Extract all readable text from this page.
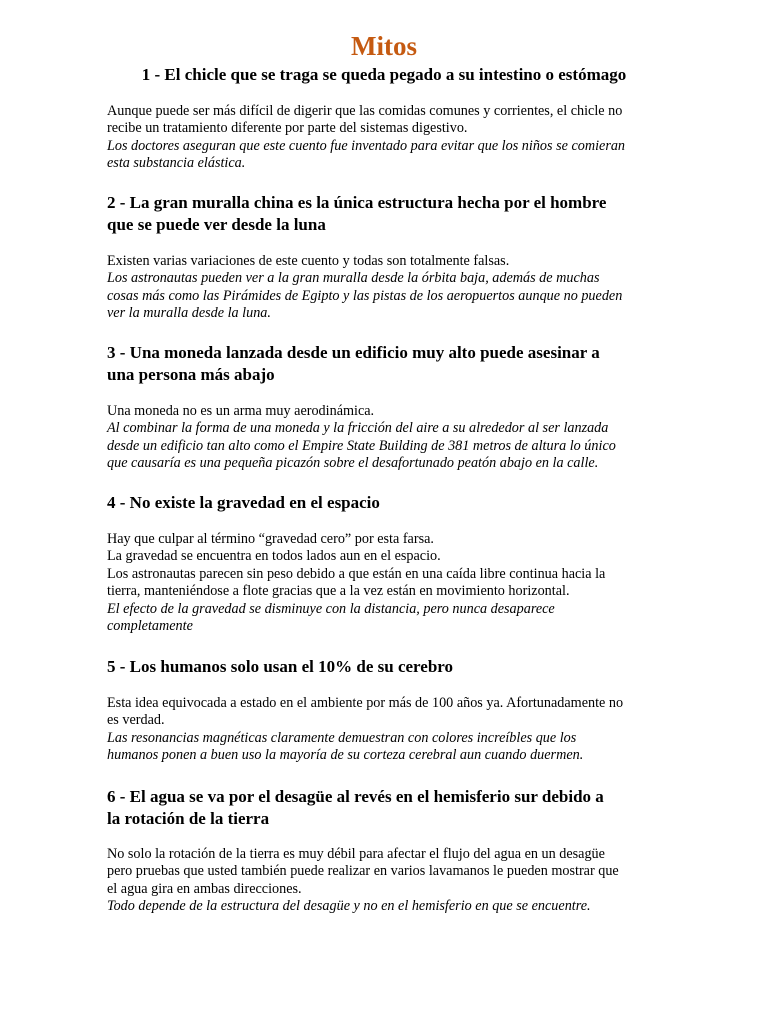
Mitos
1 - El chicle que se traga se queda pegado a su intestino o estómago

Aunque puede ser más difícil de digerir que las comidas comunes y corrientes, el chicle no
recibe un tratamiento diferente por parte del sistemas digestivo.
Los doctores aseguran que este cuento fue inventado para evitar que los niños se comieran
esta substancia elástica.

2 - La gran muralla china es la única estructura hecha por el hombre
que se puede ver desde la luna

Existen varias variaciones de este cuento y todas son totalmente falsas.
Los astronautas pueden ver a la gran muralla desde la órbita baja, además de muchas
cosas más como las Pirámides de Egipto y las pistas de los aeropuertos aunque no pueden
ver la muralla desde la luna.

3 - Una moneda lanzada desde un edificio muy alto puede asesinar a
una persona más abajo

Una moneda no es un arma muy aerodinámica.
Al combinar la forma de una moneda y la fricción del aire a su alrededor al ser lanzada
desde un edificio tan alto como el Empire State Building de 381 metros de altura lo único
que causaría es una pequeña picazón sobre el desafortunado peatón abajo en la calle.

4 - No existe la gravedad en el espacio

Hay que culpar al término “gravedad cero” por esta farsa.
La gravedad se encuentra en todos lados aun en el espacio.
Los astronautas parecen sin peso debido a que están en una caída libre continua hacia la
tierra, manteniéndose a flote gracias que a la vez están en movimiento horizontal.
El efecto de la gravedad se disminuye con la distancia, pero nunca desaparece
completamente

5 - Los humanos solo usan el 10% de su cerebro

Esta idea equivocada a estado en el ambiente por más de 100 años ya. Afortunadamente no
es verdad.
Las resonancias magnéticas claramente demuestran con colores increíbles que los
humanos ponen a buen uso la mayoría de su corteza cerebral aun cuando duermen.

6 - El agua se va por el desagüe al revés en el hemisferio sur debido a
la rotación de la tierra

No solo la rotación de la tierra es muy débil para afectar el flujo del agua en un desagüe
pero pruebas que usted también puede realizar en varios lavamanos le pueden mostrar que
el agua gira en ambas direcciones.
Todo depende de la estructura del desagüe y no en el hemisferio en que se encuentre.
